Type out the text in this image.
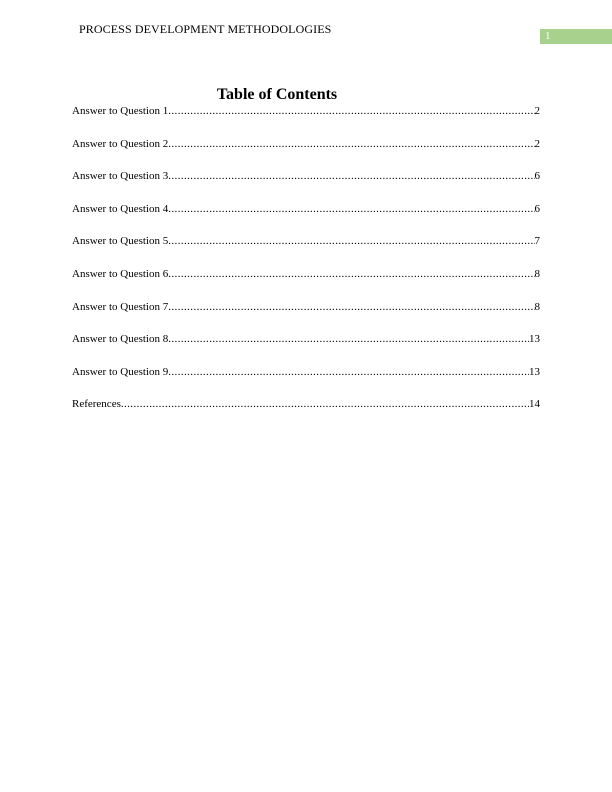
PROCESS DEVELOPMENT METHODOLOGIES	1
Table of Contents
Answer to Question 1 .....	2
Answer to Question 2 .....	2
Answer to Question 3 .....	6
Answer to Question 4 .....	6
Answer to Question 5 .....	7
Answer to Question 6 .....	8
Answer to Question 7 .....	8
Answer to Question 8 .....	13
Answer to Question 9 .....	13
References .....	14
